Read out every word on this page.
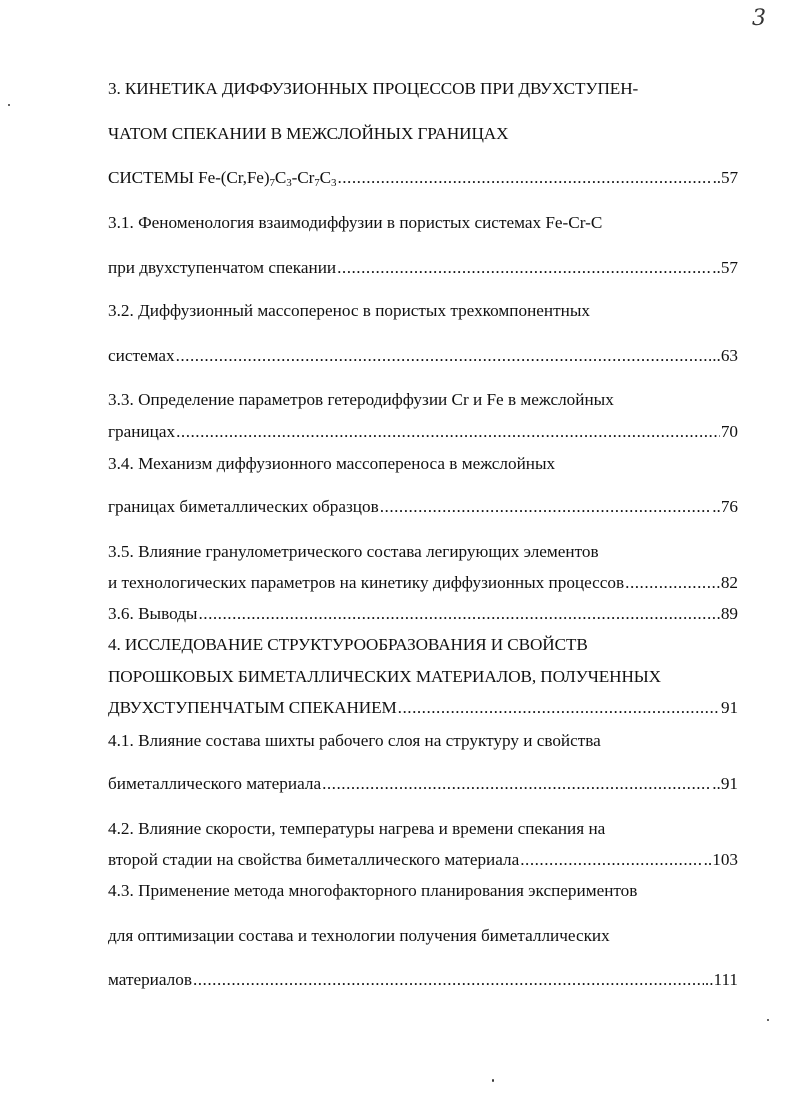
3
3. КИНЕТИКА ДИФФУЗИОННЫХ ПРОЦЕССОВ ПРИ ДВУХСТУПЕН-
ЧАТОМ СПЕКАНИИ В МЕЖСЛОЙНЫХ ГРАНИЦАХ
СИСТЕМЫ $Fe-(Cr,Fe)_7C_3-Cr_7C_3$ .....	..57
3.1. Феноменология взаимодиффузии в пористых системах Fe-Cr-C
при двухступенчатом спекании .....	..57
3.2. Диффузионный массоперенос в пористых трехкомпонентных
системах .....	..63
3.3. Определение параметров гетеродиффузии Cr и Fe в межслойных
границах .....	70
3.4. Механизм диффузионного массопереноса в межслойных
границах биметаллических образцов .....	..76
3.5. Влияние гранулометрического состава легирующих элементов
и технологических параметров на кинетику диффузионных процессов .....	82
3.6. Выводы .....	89
4. ИССЛЕДОВАНИЕ СТРУКТУРООБРАЗОВАНИЯ И СВОЙСТВ
ПОРОШКОВЫХ БИМЕТАЛЛИЧЕСКИХ МАТЕРИАЛОВ, ПОЛУЧЕННЫХ
ДВУХСТУПЕНЧАТЫМ СПЕКАНИЕМ .....	91
4.1. Влияние состава шихты рабочего слоя на структуру и свойства
биметаллического материала .....	..91
4.2. Влияние скорости, температуры нагрева и времени спекания на
второй стадии на свойства биметаллического материала .....	..103
4.3. Применение метода многофакторного планирования экспериментов
для оптимизации состава и технологии получения биметаллических
материалов .....	..111
